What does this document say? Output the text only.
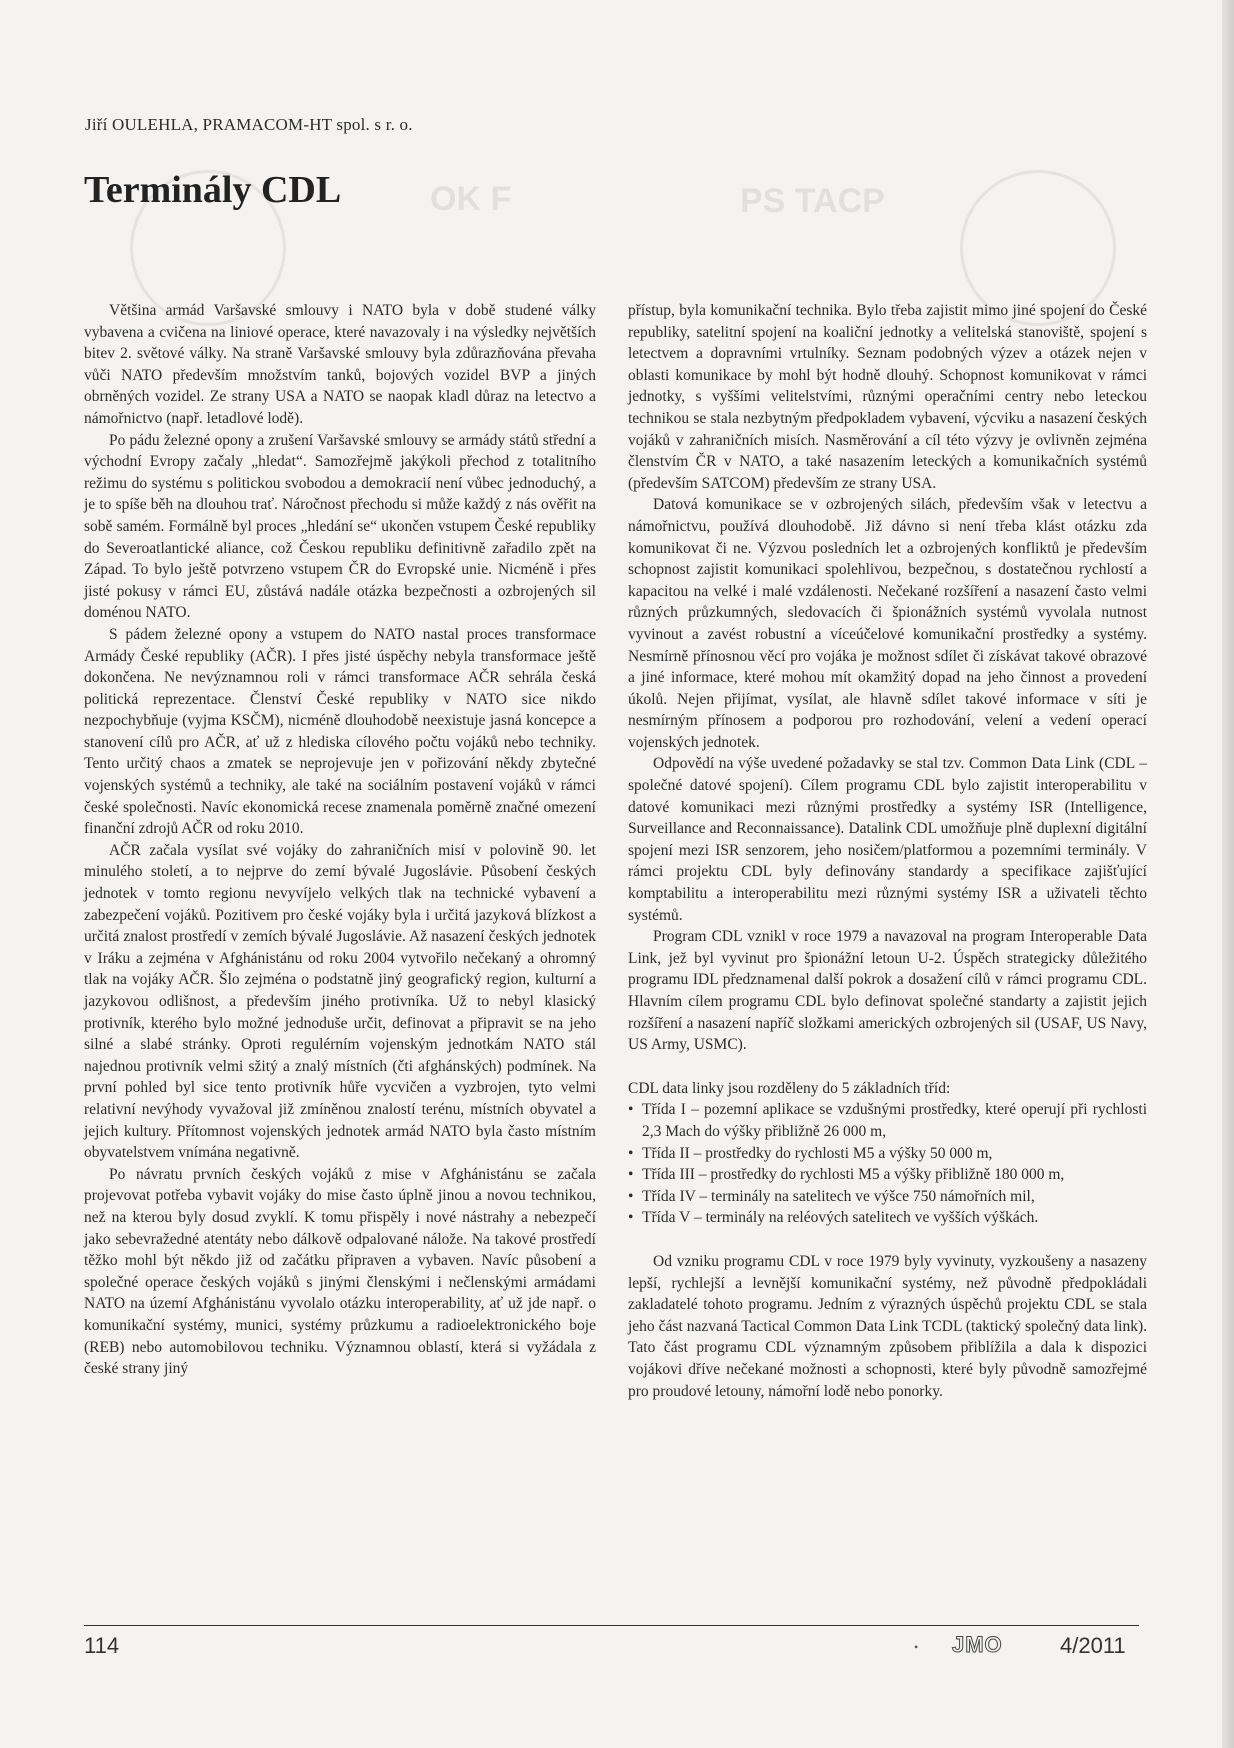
OK F	PS TACP
Jiří OULEHLA, PRAMACOM-HT spol. s r. o.
Terminály CDL

Většina armád Varšavské smlouvy i NATO byla v době studené války vybavena a cvičena na liniové operace, které navazovaly i na výsledky největších bitev 2. světové války. Na straně Varšavské smlouvy byla zdůrazňována převaha vůči NATO především množstvím tanků, bojových vozidel BVP a jiných obrněných vozidel. Ze strany USA a NATO se naopak kladl důraz na letectvo a námořnictvo (např. letadlové lodě).

Po pádu železné opony a zrušení Varšavské smlouvy se armády států střední a východní Evropy začaly „hledat“. Samozřejmě jakýkoli přechod z totalitního režimu do systému s politickou svobodou a demokracií není vůbec jednoduchý, a je to spíše běh na dlouhou trať. Náročnost přechodu si může každý z nás ověřit na sobě samém. Formálně byl proces „hledání se“ ukončen vstupem České republiky do Severoatlantické aliance, což Českou republiku definitivně zařadilo zpět na Západ. To bylo ještě potvrzeno vstupem ČR do Evropské unie. Nicméně i přes jisté pokusy v rámci EU, zůstává nadále otázka bezpečnosti a ozbrojených sil doménou NATO.

S pádem železné opony a vstupem do NATO nastal proces transformace Armády České republiky (AČR). I přes jisté úspěchy nebyla transformace ještě dokončena. Ne nevýznamnou roli v rámci transformace AČR sehrála česká politická reprezentace. Členství České republiky v NATO sice nikdo nezpochybňuje (vyjma KSČM), nicméně dlouhodobě neexistuje jasná koncepce a stanovení cílů pro AČR, ať už z hlediska cílového počtu vojáků nebo techniky. Tento určitý chaos a zmatek se neprojevuje jen v pořizování někdy zbytečné vojenských systémů a techniky, ale také na sociálním postavení vojáků v rámci české společnosti. Navíc ekonomická recese znamenala poměrně značné omezení finanční zdrojů AČR od roku 2010.

AČR začala vysílat své vojáky do zahraničních misí v polovině 90. let minulého století, a to nejprve do zemí bývalé Jugoslávie. Působení českých jednotek v tomto regionu nevyvíjelo velkých tlak na technické vybavení a zabezpečení vojáků. Pozitivem pro české vojáky byla i určitá jazyková blízkost a určitá znalost prostředí v zemích bývalé Jugoslávie. Až nasazení českých jednotek v Iráku a zejména v Afghánistánu od roku 2004 vytvořilo nečekaný a ohromný tlak na vojáky AČR. Šlo zejména o podstatně jiný geografický region, kulturní a jazykovou odlišnost, a především jiného protivníka. Už to nebyl klasický protivník, kterého bylo možné jednoduše určit, definovat a připravit se na jeho silné a slabé stránky. Oproti regulérním vojenským jednotkám NATO stál najednou protivník velmi sžitý a znalý místních (čti afghánských) podmínek. Na první pohled byl sice tento protivník hůře vycvičen a vyzbrojen, tyto velmi relativní nevýhody vyvažoval již zmíněnou znalostí terénu, místních obyvatel a jejich kultury. Přítomnost vojenských jednotek armád NATO byla často místním obyvatelstvem vnímána negativně.

Po návratu prvních českých vojáků z mise v Afghánistánu se začala projevovat potřeba vybavit vojáky do mise často úplně jinou a novou technikou, než na kterou byly dosud zvyklí. K tomu přispěly i nové nástrahy a nebezpečí jako sebevražedné atentáty nebo dálkově odpalované nálože. Na takové prostředí těžko mohl být někdo již od začátku připraven a vybaven. Navíc působení a společné operace českých vojáků s jinými členskými i nečlenskými armádami NATO na území Afghánistánu vyvolalo otázku interoperability, ať už jde např. o komunikační systémy, munici, systémy průzkumu a radioelektronického boje (REB) nebo automobilovou techniku. Významnou oblastí, která si vyžádala z české strany jiný

přístup, byla komunikační technika. Bylo třeba zajistit mimo jiné spojení do České republiky, satelitní spojení na koaliční jednotky a velitelská stanoviště, spojení s letectvem a dopravními vrtulníky. Seznam podobných výzev a otázek nejen v oblasti komunikace by mohl být hodně dlouhý. Schopnost komunikovat v rámci jednotky, s vyššími velitelstvími, různými operačními centry nebo leteckou technikou se stala nezbytným předpokladem vybavení, výcviku a nasazení českých vojáků v zahraničních misích. Nasměrování a cíl této výzvy je ovlivněn zejména členstvím ČR v NATO, a také nasazením leteckých a komunikačních systémů (především SATCOM) především ze strany USA.

Datová komunikace se v ozbrojených silách, především však v letectvu a námořnictvu, používá dlouhodobě. Již dávno si není třeba klást otázku zda komunikovat či ne. Výzvou posledních let a ozbrojených konfliktů je především schopnost zajistit komunikaci spolehlivou, bezpečnou, s dostatečnou rychlostí a kapacitou na velké i malé vzdálenosti. Nečekané rozšíření a nasazení často velmi různých průzkumných, sledovacích či špionážních systémů vyvolala nutnost vyvinout a zavést robustní a víceúčelové komunikační prostředky a systémy. Nesmírně přínosnou věcí pro vojáka je možnost sdílet či získávat takové obrazové a jiné informace, které mohou mít okamžitý dopad na jeho činnost a provedení úkolů. Nejen přijímat, vysílat, ale hlavně sdílet takové informace v síti je nesmírným přínosem a podporou pro rozhodování, velení a vedení operací vojenských jednotek.

Odpovědí na výše uvedené požadavky se stal tzv. Common Data Link (CDL – společné datové spojení). Cílem programu CDL bylo zajistit interoperabilitu v datové komunikaci mezi různými prostředky a systémy ISR (Intelligence, Surveillance and Reconnaissance). Datalink CDL umožňuje plně duplexní digitální spojení mezi ISR senzorem, jeho nosičem/platformou a pozemními terminály. V rámci projektu CDL byly definovány standardy a specifikace zajišťující komptabilitu a interoperabilitu mezi různými systémy ISR a uživateli těchto systémů.

Program CDL vznikl v roce 1979 a navazoval na program Interoperable Data Link, jež byl vyvinut pro špionážní letoun U-2. Úspěch strategicky důležitého programu IDL předznamenal další pokrok a dosažení cílů v rámci programu CDL. Hlavním cílem programu CDL bylo definovat společné standarty a zajistit jejich rozšíření a nasazení napříč složkami amerických ozbrojených sil (USAF, US Navy, US Army, USMC).

CDL data linky jsou rozděleny do 5 základních tříd:

• Třída I – pozemní aplikace se vzdušnými prostředky, které operují při rychlosti 2,3 Mach do výšky přibližně 26 000 m,
• Třída II – prostředky do rychlosti M5 a výšky 50 000 m,
• Třída III – prostředky do rychlosti M5 a výšky přibližně 180 000 m,
• Třída IV – terminály na satelitech ve výšce 750 námořních mil,
• Třída V – terminály na reléových satelitech ve vyšších výškách.

Od vzniku programu CDL v roce 1979 byly vyvinuty, vyzkoušeny a nasazeny lepší, rychlejší a levnější komunikační systémy, než původně předpokládali zakladatelé tohoto programu. Jedním z výrazných úspěchů projektu CDL se stala jeho část nazvaná Tactical Common Data Link TCDL (taktický společný data link). Tato část programu CDL významným způsobem přiblížila a dala k dispozici vojákovi dříve nečekané možnosti a schopnosti, které byly původně samozřejmé pro proudové letouny, námořní lodě nebo ponorky.

114	• JMO	4/2011
